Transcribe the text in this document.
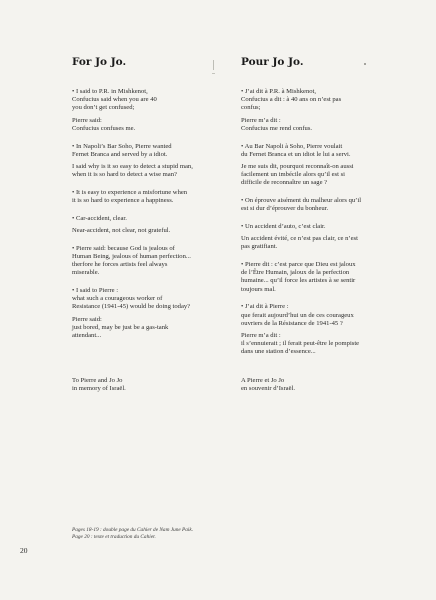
For Jo Jo.

• I said to P.R. in Mishkenot,
Confucius said when you are 40
you don’t get confused;

Pierre said:
Confucius confuses me.

• In Napoli’s Bar Soho, Pierre wanted
Fernet Branca and served by a idiot.

I said why is it so easy to detect a stupid man,
when it is so hard to detect a wise man?

• It is easy to experience a misfortune when
it is so hard to experience a happiness.

• Car-accident, clear.

Near-accident, not clear, not grateful.

• Pierre said: because God is jealous of
Human Being, jealous of human perfection...
therfore he forces artists feel always
miserable.

• I said to Pierre :
what such a courageous worker of
Resistance (1941-45) would be doing today?

Pierre said:
just bored, may be just be a gas-tank
attendant...

Pour Jo Jo.

• J’ai dit à P.R. à Mishkenot,
Confucius a dit : à 40 ans on n’est pas
confus;

Pierre m’a dit :
Confucius me rend confus.

• Au Bar Napoli à Soho, Pierre voulait
du Fernet Branca et un idiot le lui a servi.

Je me suis dit, pourquoi reconnaît-on aussi
facilement un imbécile alors qu’il est si
difficile de reconnaître un sage ?

• On éprouve aisément du malheur alors qu’il
est si dur d’éprouver du bonheur.

• Un accident d’auto, c’est clair.

Un accident évité, ce n’est pas clair, ce n’est
pas gratifiant.

• Pierre dit : c’est parce que Dieu est jaloux
de l’Être Humain, jaloux de la perfection
humaine... qu’il force les artistes à se sentir
toujours mal.

• J’ai dit à Pierre :
que ferait aujourd’hui un de ces courageux
ouvriers de la Résistance de 1941-45 ?

Pierre m’a dit :
il s’ennuierait ; il ferait peut-être le pompiste
dans une station d’essence...

To Pierre and Jo Jo
in memory of Israël.
A Pierre et Jo Jo
en souvenir d’Israël.
Pages 18-19 : double page du Cahier de Nam June Paik.
Page 20 : texte et traduction du Cahier.
20
